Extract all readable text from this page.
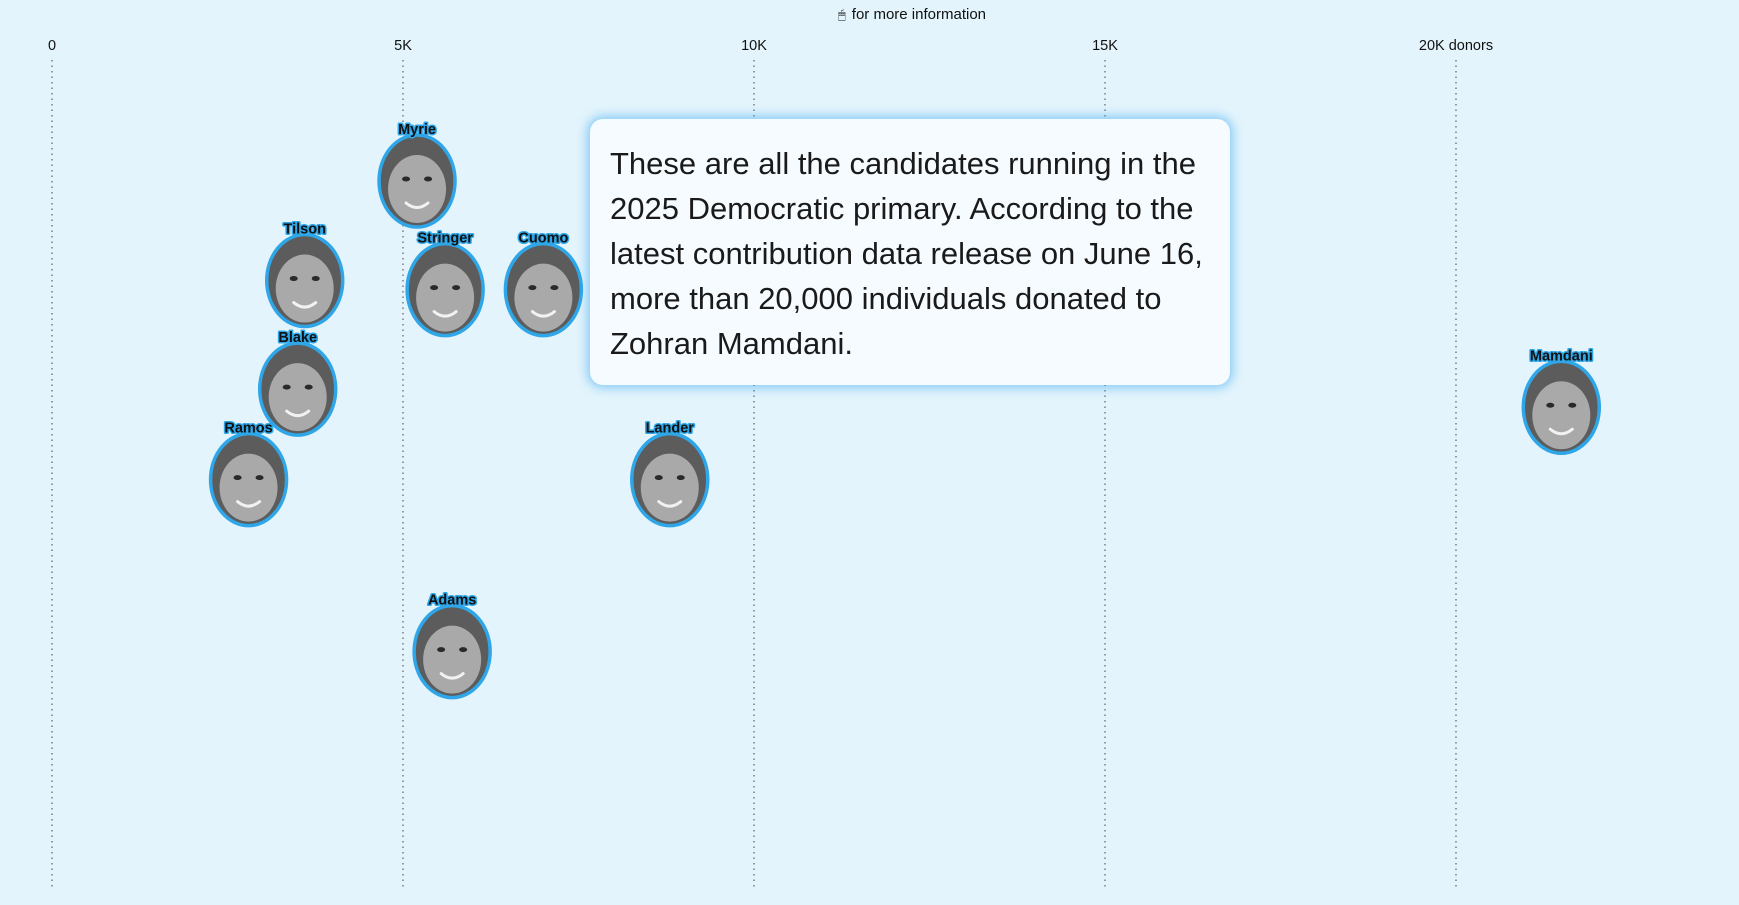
0	5K	10K	15K	20K donors
Myrie
Tilson
Stringer	Cuomo
Blake
Mamdani
Ramos	Lander
Adams
🖱 for more information
These are all the candidates running in the 2025 Democratic primary. According to the latest contribution data release on June 16, more than 20,000 individuals donated to Zohran Mamdani.
